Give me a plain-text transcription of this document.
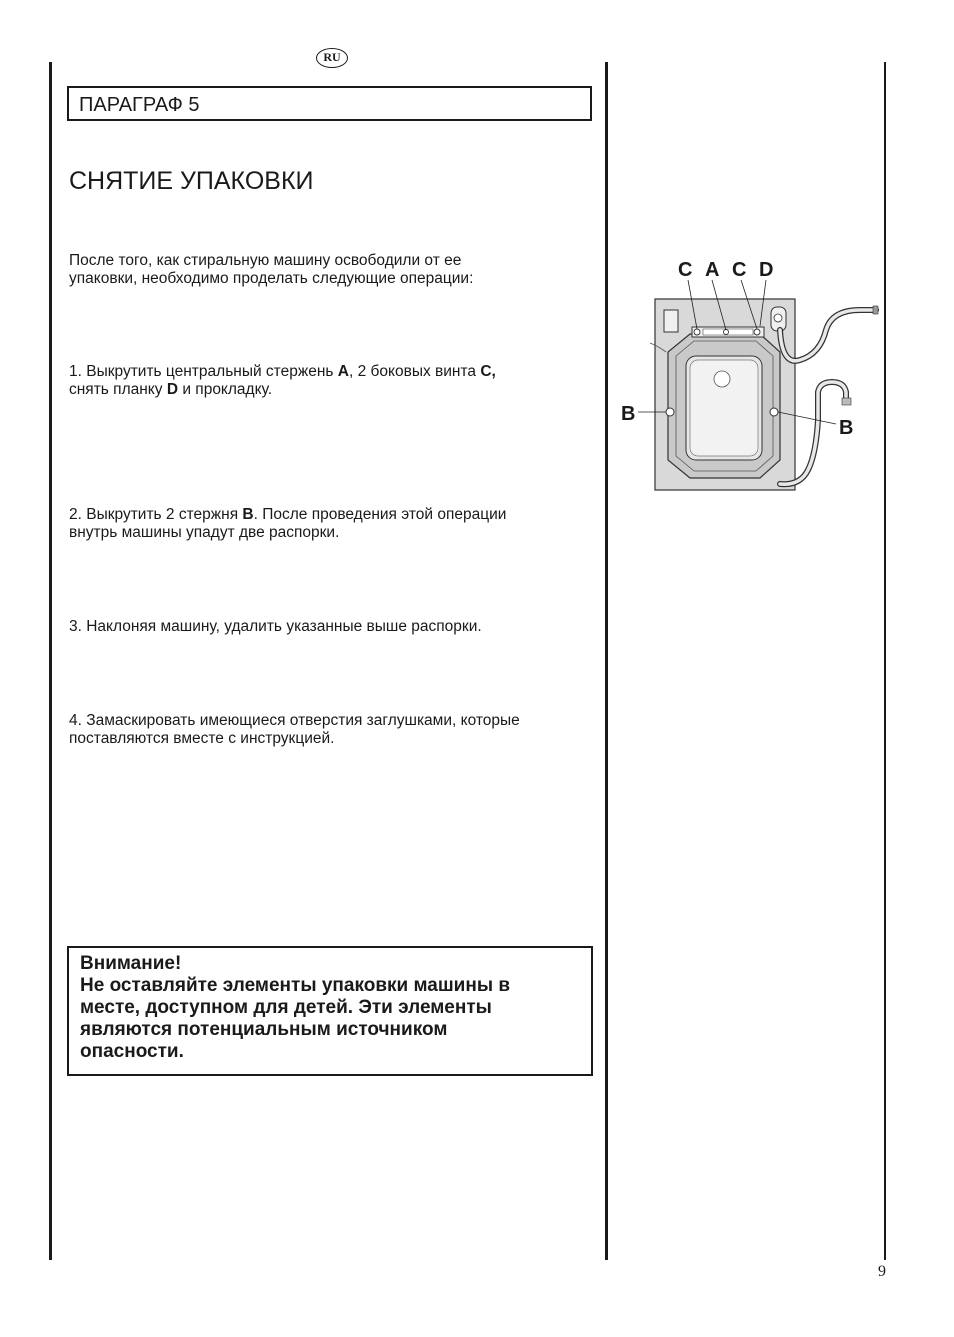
RU
ПАРАГРАФ 5
СНЯТИЕ УПАКОВКИ

После того, как стиральную машину освободили от ее
упаковки, необходимо проделать следующие операции:

1. Выкрутить центральный стержень A, 2 боковых винта C,
снять планку D и прокладку.

2. Выкрутить 2 стержня B. После проведения этой операции
внутрь машины упадут две распорки.

3. Наклоняя машину, удалить указанные выше распорки.

4. Замаскировать имеющиеся отверстия заглушками, которые
поставляются вместе с инструкцией.

Внимание!

Не оставляйте элементы упаковки машины в

месте, доступном для детей. Эти элементы

являются потенциальным источником

опасности.

C A C D
B
B
9
